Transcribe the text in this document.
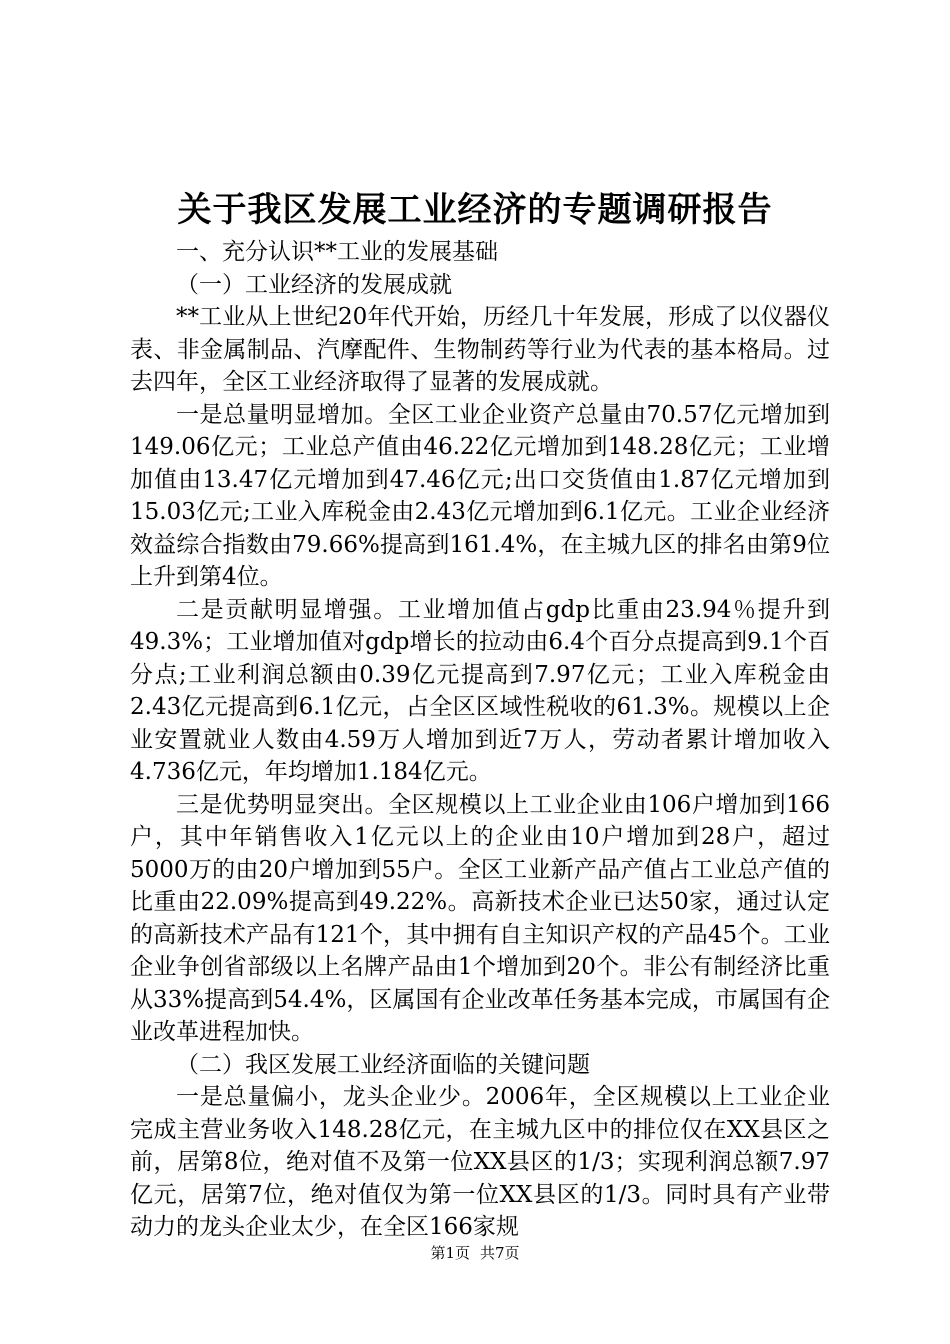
关于我区发展工业经济的专题调研报告

一、充分认识**工业的发展基础

（一）工业经济的发展成就

**工业从上世纪20年代开始，历经几十年发展，形成了以仪器仪表、非金属制品、汽摩配件、生物制药等行业为代表的基本格局。过去四年，全区工业经济取得了显著的发展成就。

一是总量明显增加。全区工业企业资产总量由70.57亿元增加到149.06亿元；工业总产值由46.22亿元增加到148.28亿元；工业增加值由13.47亿元增加到47.46亿元;出口交货值由1.87亿元增加到15.03亿元;工业入库税金由2.43亿元增加到6.1亿元。工业企业经济效益综合指数由79.66%提高到161.4%，在主城九区的排名由第9位上升到第4位。

二是贡献明显增强。工业增加值占gdp比重由23.94％提升到49.3%；工业增加值对gdp增长的拉动由6.4个百分点提高到9.1个百分点;工业利润总额由0.39亿元提高到7.97亿元；工业入库税金由2.43亿元提高到6.1亿元，占全区区域性税收的61.3%。规模以上企业安置就业人数由4.59万人增加到近7万人，劳动者累计增加收入4.736亿元，年均增加1.184亿元。

三是优势明显突出。全区规模以上工业企业由106户增加到166户，其中年销售收入1亿元以上的企业由10户增加到28户，超过5000万的由20户增加到55户。全区工业新产品产值占工业总产值的比重由22.09%提高到49.22%。高新技术企业已达50家，通过认定的高新技术产品有121个，其中拥有自主知识产权的产品45个。工业企业争创省部级以上名牌产品由1个增加到20个。非公有制经济比重从33%提高到54.4%，区属国有企业改革任务基本完成，市属国有企业改革进程加快。

（二）我区发展工业经济面临的关键问题

一是总量偏小，龙头企业少。2006年，全区规模以上工业企业完成主营业务收入148.28亿元，在主城九区中的排位仅在XX县区之前，居第8位，绝对值不及第一位XX县区的1/3；实现利润总额7.97亿元，居第7位，绝对值仅为第一位XX县区的1/3。同时具有产业带动力的龙头企业太少，在全区166家规

第1页 共7页
